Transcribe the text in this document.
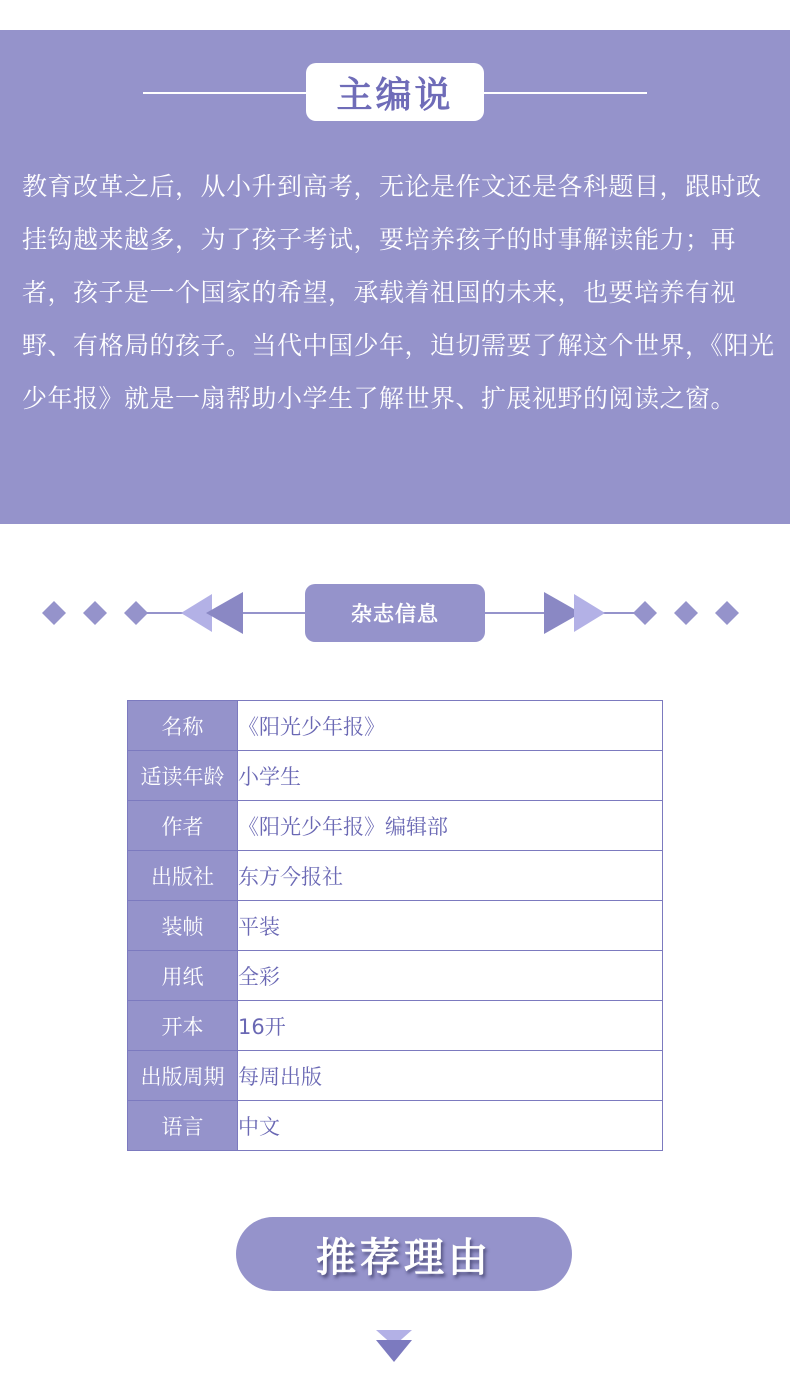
主编说

教育改革之后，从小升到高考，无论是作文还是各科题目，跟时政挂钩越来越多，为了孩子考试，要培养孩子的时事解读能力；再者，孩子是一个国家的希望，承载着祖国的未来，也要培养有视野、有格局的孩子。当代中国少年，迫切需要了解这个世界，《阳光少年报》就是一扇帮助小学生了解世界、扩展视野的阅读之窗。

杂志信息
名称	《阳光少年报》
适读年龄	小学生
作者	《阳光少年报》编辑部
出版社	东方今报社
装帧	平装
用纸	全彩
开本	16开
出版周期	每周出版
语言	中文
推荐理由
